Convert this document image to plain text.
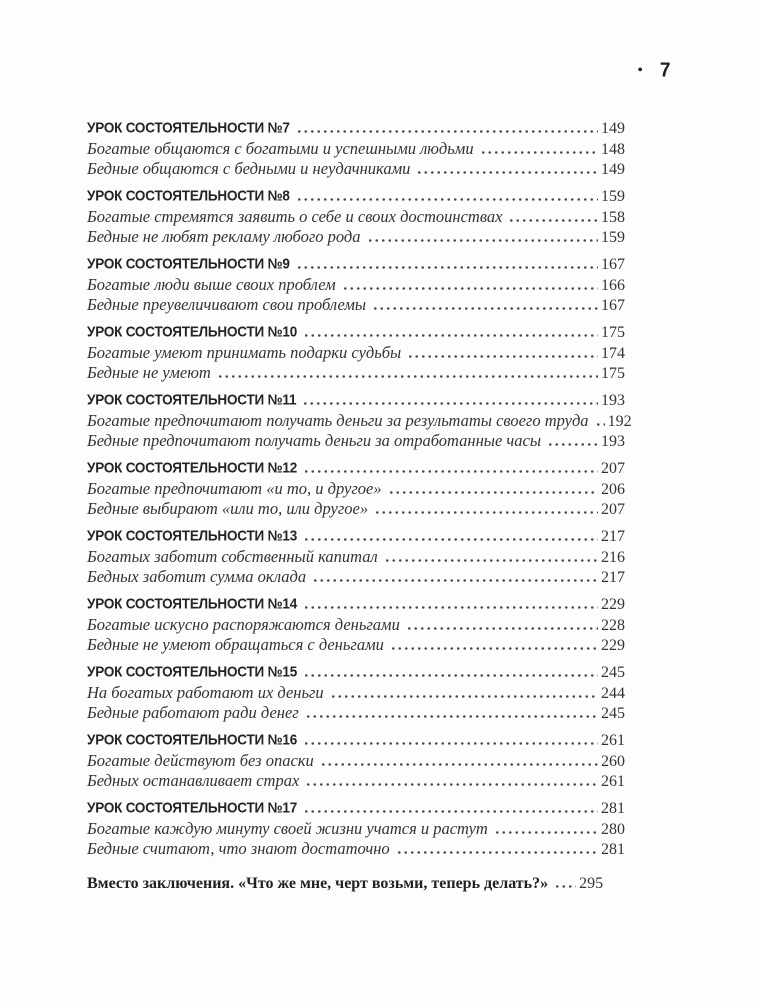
• 7
УРОК СОСТОЯТЕЛЬНОСТИ №7	149
Богатые общаются с богатыми и успешными людьми	148
Бедные общаются с бедными и неудачниками	149
УРОК СОСТОЯТЕЛЬНОСТИ №8	159
Богатые стремятся заявить о себе и своих достоинствах	158
Бедные не любят рекламу любого рода	159
УРОК СОСТОЯТЕЛЬНОСТИ №9	167
Богатые люди выше своих проблем	166
Бедные преувеличивают свои проблемы	167
УРОК СОСТОЯТЕЛЬНОСТИ №10	175
Богатые умеют принимать подарки судьбы	174
Бедные не умеют	175
УРОК СОСТОЯТЕЛЬНОСТИ №11	193
Богатые предпочитают получать деньги за результаты своего труда 192
Бедные предпочитают получать деньги за отработанные часы	193
УРОК СОСТОЯТЕЛЬНОСТИ №12	207
Богатые предпочитают «и то, и другое»	206
Бедные выбирают «или то, или другое»	207
УРОК СОСТОЯТЕЛЬНОСТИ №13	217
Богатых заботит собственный капитал	216
Бедных заботит сумма оклада	217
УРОК СОСТОЯТЕЛЬНОСТИ №14	229
Богатые искусно распоряжаются деньгами	228
Бедные не умеют обращаться с деньгами	229
УРОК СОСТОЯТЕЛЬНОСТИ №15	245
На богатых работают их деньги	244
Бедные работают ради денег	245
УРОК СОСТОЯТЕЛЬНОСТИ №16	261
Богатые действуют без опаски	260
Бедных останавливает страх	261
УРОК СОСТОЯТЕЛЬНОСТИ №17	281
Богатые каждую минуту своей жизни учатся и растут	280
Бедные считают, что знают достаточно	281
Вместо заключения. «Что же мне, черт возьми, теперь делать?» 295
